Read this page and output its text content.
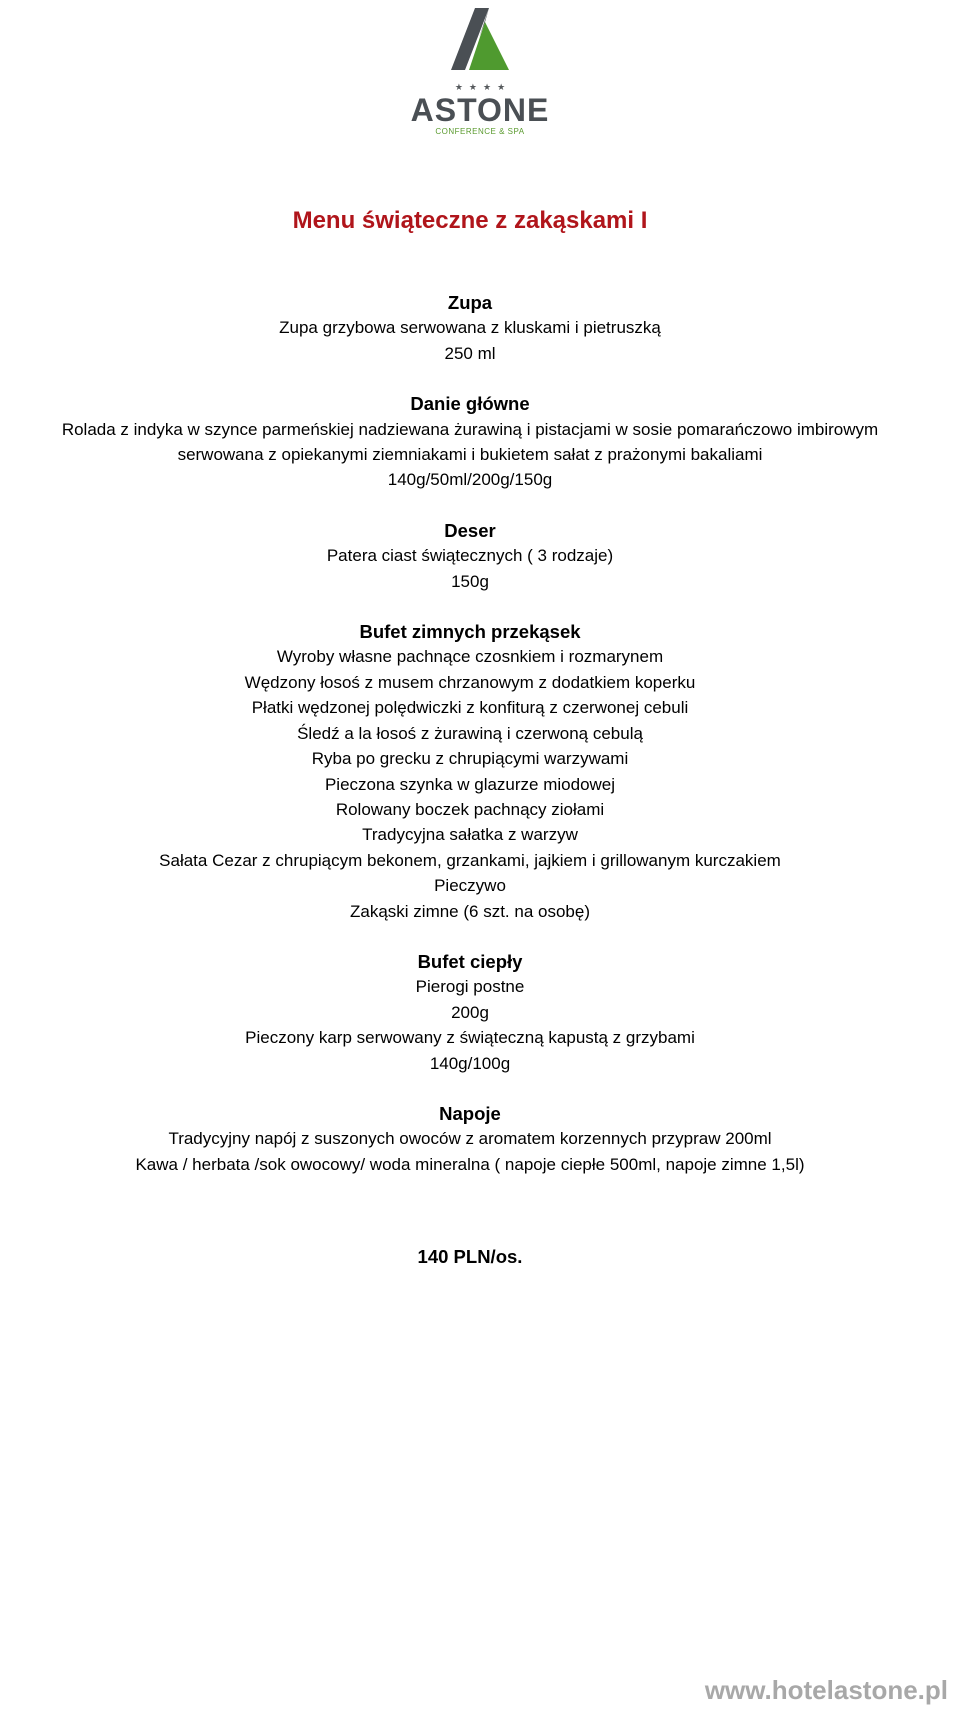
★★★★
ASTONE
CONFERENCE & SPA
Menu świąteczne z zakąskami I
Zupa
Zupa grzybowa serwowana z kluskami i pietruszką
250 ml
Danie główne
Rolada z indyka w szynce parmeńskiej nadziewana żurawiną i pistacjami w sosie pomarańczowo imbirowym
serwowana z opiekanymi ziemniakami i bukietem sałat z prażonymi bakaliami
140g/50ml/200g/150g
Deser
Patera ciast świątecznych ( 3 rodzaje)
150g
Bufet zimnych przekąsek
Wyroby własne pachnące czosnkiem i rozmarynem
Wędzony łosoś z musem chrzanowym z dodatkiem koperku
Płatki wędzonej polędwiczki z konfiturą z czerwonej cebuli
Śledź a la łosoś z żurawiną i czerwoną cebulą
Ryba po grecku z chrupiącymi warzywami
Pieczona szynka w glazurze miodowej
Rolowany boczek pachnący ziołami
Tradycyjna sałatka z warzyw
Sałata Cezar z chrupiącym bekonem, grzankami, jajkiem i grillowanym kurczakiem
Pieczywo
Zakąski zimne (6 szt. na osobę)
Bufet ciepły
Pierogi postne
200g
Pieczony karp serwowany z świąteczną kapustą z grzybami
140g/100g
Napoje
Tradycyjny napój z suszonych owoców z aromatem korzennych przypraw 200ml
Kawa / herbata /sok owocowy/ woda mineralna ( napoje ciepłe 500ml, napoje zimne 1,5l)
140 PLN/os.
www.hotelastone.pl
